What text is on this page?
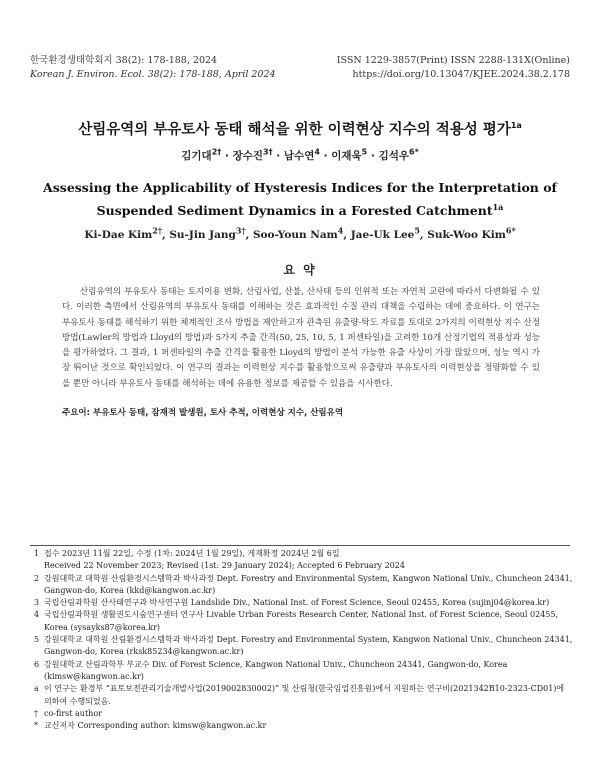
한국환경생태학회지 38(2): 178-188, 2024
Korean J. Environ. Ecol. 38(2): 178-188, April 2024
ISSN 1229-3857(Print) ISSN 2288-131X(Online)
https://doi.org/10.13047/KJEE.2024.38.2.178
산림유역의 부유토사 동태 해석을 위한 이력현상 지수의 적용성 평가$^{1a}$
김기대$^{2\dagger}$ · 장수진$^{3\dagger}$ · 남수연$^4$ · 이재욱$^5$ · 김석우$^{6*}$
Assessing the Applicability of Hysteresis Indices for the Interpretation of Suspended Sediment Dynamics in a Forested Catchment$^{1a}$
Ki-Dae Kim$^{2\dagger}$, Su-Jin Jang$^{3\dagger}$, Soo-Youn Nam$^4$, Jae-Uk Lee$^5$, Suk-Woo Kim$^{6*}$
요 약
산림유역의 부유토사 동태는 토지이용 변화, 산림사업, 산불, 산사태 등의 인위적 또는 자연적 교란에 따라서 다변화될 수 있다. 이러한 측면에서 산림유역의 부유토사 동태를 이해하는 것은 효과적인 수질 관리 대책을 수립하는 데에 중요하다. 이 연구는 부유토사 동태를 해석하기 위한 체계적인 조사 방법을 제안하고자 관측된 유출량-탁도 자료를 토대로 2가지의 이력현상 지수 산정 방법(Lawler의 방법과 Lloyd의 방법)과 5가지 추출 간격(50, 25, 10, 5, 1 퍼센타일)을 고려한 10개 산정기법의 적용성과 성능을 평가하였다. 그 결과, 1 퍼센타일의 추출 간격을 활용한 Lloyd의 방법이 분석 가능한 유출 사상이 가장 많았으며, 성능 역시 가장 뛰어난 것으로 확인되었다. 이 연구의 결과는 이력현상 지수를 활용함으로써 유출량과 부유토사의 이력현상을 정량화할 수 있을 뿐만 아니라 부유토사 동태를 해석하는 데에 유용한 정보를 제공할 수 있음을 시사한다.
주요어: 부유토사 동태, 잠재적 발생원, 토사 추적, 이력현상 지수, 산림유역
1 접수 2023년 11월 22일, 수정 (1차: 2024년 1월 29일), 게재확정 2024년 2월 6일
Received 22 November 2023; Revised (1st: 29 January 2024); Accepted 6 February 2024
2 강원대학교 대학원 산림환경시스템학과 박사과정 Dept. Forestry and Environmental System, Kangwon National Univ., Chuncheon 24341, Gangwon-do, Korea (kkd@kangwon.ac.kr)
3 국립산림과학원 산사태연구과 박사연구원 Landslide Div., National Inst. of Forest Science, Seoul 02455, Korea (sujinj04@korea.kr)
4 국립산림과학원 생활권도시숲연구센터 연구사 Livable Urban Forests Research Center, National Inst. of Forest Science, Seoul 02455, Korea (sysayks87@korea.kr)
5 강원대학교 대학원 산림환경시스템학과 박사과정 Dept. Forestry and Environmental System, Kangwon National Univ., Chuncheon 24341, Gangwon-do, Korea (rksk85234@kangwon.ac.kr)
6 강원대학교 산림과학부 부교수 Div. of Forest Science, Kangwon National Univ., Chuncheon 24341, Gangwon-do, Korea (kimsw@kangwon.ac.kr)
a 이 연구는 환경부 “표토보전관리기술개발사업(2019002830002)” 및 산림청(한국임업진흥원)에서 지원하는 연구비(2021342B10-2323-CD01)에 의하여 수행되었음.
† co-first author
* 교신저자 Corresponding author: kimsw@kangwon.ac.kr
